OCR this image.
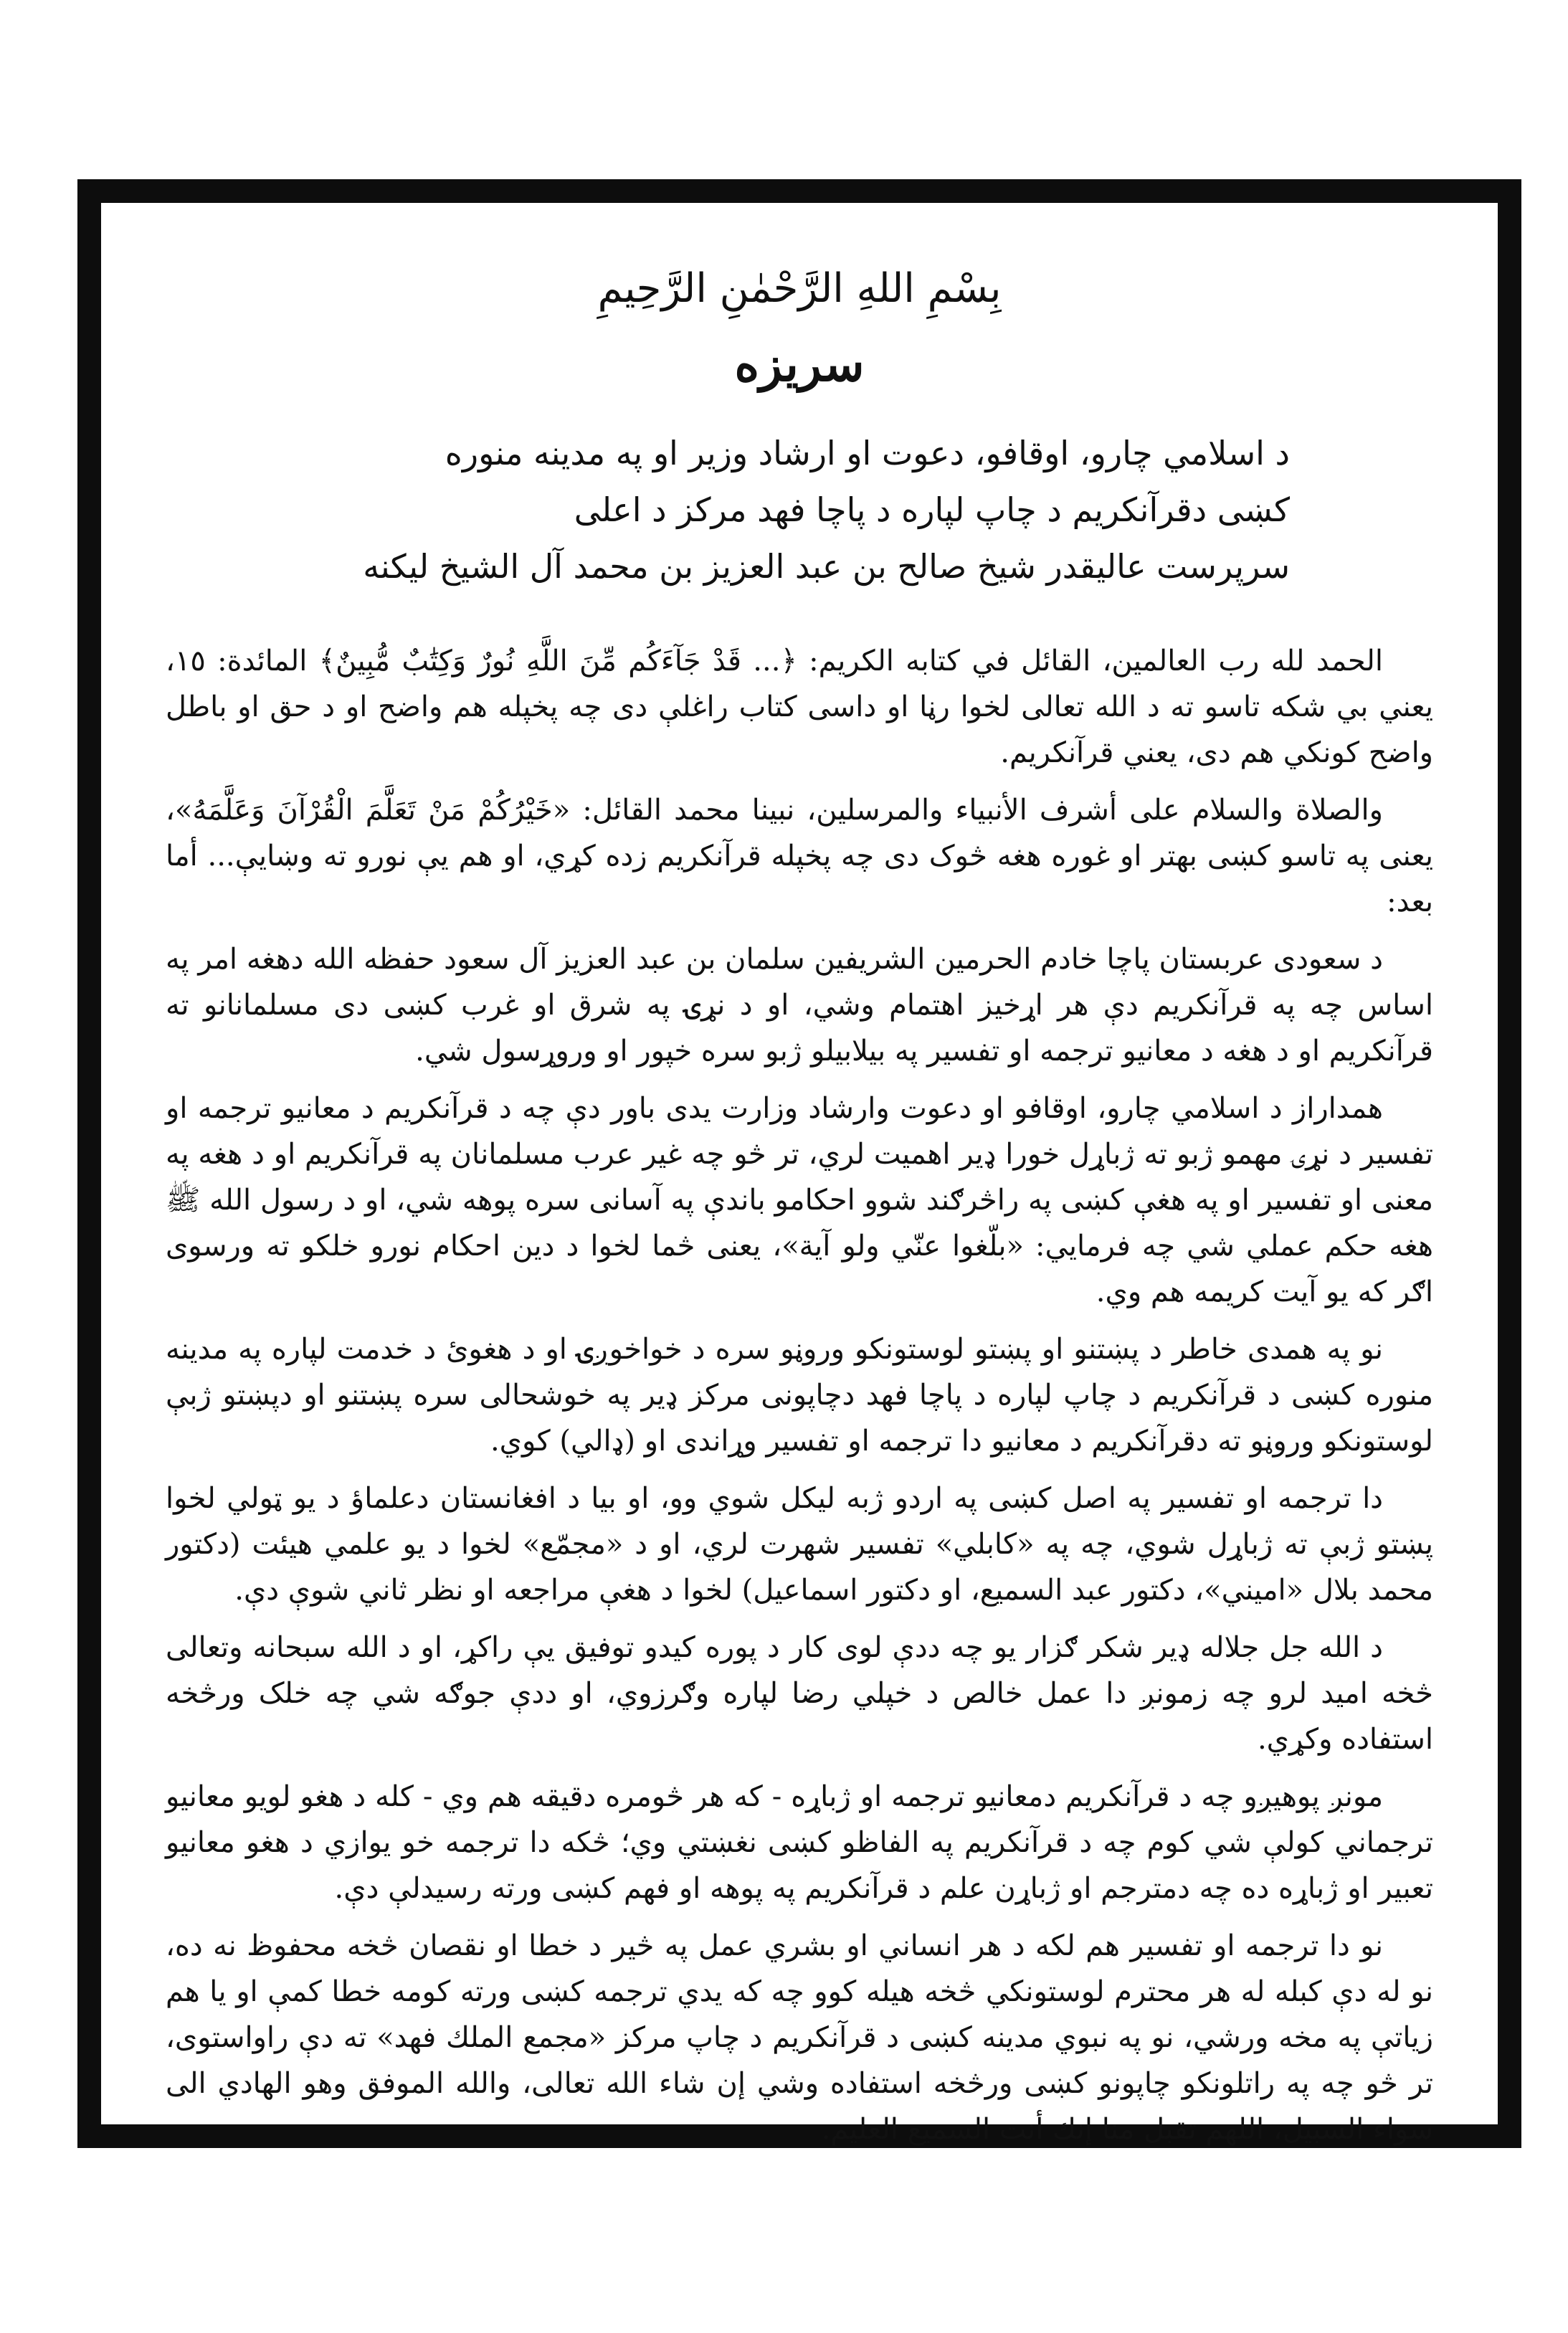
بِسْمِ اللهِ الرَّحْمٰنِ الرَّحِيمِ
سریزه
د اسلامي چارو، اوقافو، دعوت او ارشاد وزیر او په مدینه منوره
کښی دقرآنکریم د چاپ لپاره د پاچا فهد مرکز د اعلی
سرپرست عالیقدر شیخ صالح بن عبد العزیز بن محمد آل الشیخ لیکنه

الحمد لله رب العالمین، القائل في کتابه الکریم: ﴿... قَدْ جَآءَكُم مِّنَ اللَّهِ نُورٌ وَكِتَٰبٌ مُّبِينٌ﴾ المائدة: ١٥، یعني بي شکه تاسو ته د الله تعالی لخوا رڼا او داسی کتاب راغلې دی چه پخپله هم واضح او د حق او باطل واضح کونکي هم دی، یعني قرآنکریم.

والصلاة والسلام علی أشرف الأنبیاء والمرسلین، نبینا محمد القائل: «خَيْرُكُمْ مَنْ تَعَلَّمَ الْقُرْآنَ وَعَلَّمَهُ»، یعنی په تاسو کښی بهتر او غوره هغه څوک دی چه پخپله قرآنکریم زده کړي، او هم یې نورو ته وښایې... أما بعد:

د سعودی عربستان پاچا خادم الحرمین الشریفین سلمان بن عبد العزیز آل سعود حفظه الله دهغه امر په اساس چه په قرآنکریم دې هر اړخیز اهتمام وشي، او د نړۍ په شرق او غرب کښی دی مسلمانانو ته قرآنکریم او د هغه د معانیو ترجمه او تفسیر په بیلابیلو ژبو سره خپور او وروړسول شي.

همداراز د اسلامي چارو، اوقافو او دعوت وارشاد وزارت یدی باور دې چه د قرآنکریم د معانیو ترجمه او تفسیر د نړۍ مهمو ژبو ته ژباړل خورا ډیر اهمیت لري، تر څو چه غیر عرب مسلمانان په قرآنکریم او د هغه په معنی او تفسیر او په هغې کښی په راڅرګند شوو احکامو باندې په آسانی سره پوهه شي، او د رسول الله ﷺ هغه حکم عملي شي چه فرمایي: «بلّغوا عنّي ولو آیة»، یعنی څما لخوا د دین احکام نورو خلکو ته ورسوی اګر که یو آیت کریمه هم وي.

نو په همدی خاطر د پښتنو او پښتو لوستونکو وروڼو سره د خواخوږۍ او د هغوئ د خدمت لپاره په مدینه منوره کښی د قرآنکریم د چاپ لپاره د پاچا فهد دچاپونی مرکز ډیر په خوشحالی سره پښتنو او دپښتو ژبې لوستونکو وروڼو ته دقرآنکریم د معانیو دا ترجمه او تفسیر وړاندی او (ډالي) کوي.

دا ترجمه او تفسیر په اصل کښی په اردو ژبه لیکل شوي وو، او بیا د افغانستان دعلماؤ د یو ټولي لخوا پښتو ژبې ته ژباړل شوي، چه په «کابلي» تفسیر شهرت لري، او د «مجمّع» لخوا د یو علمي هیئت (دکتور محمد بلال «امیني»، دکتور عبد السمیع، او دکتور اسماعیل) لخوا د هغې مراجعه او نظر ثاني شوې دې.

د الله جل جلاله ډیر شکر ګزار یو چه ددې لوی کار د پوره کیدو توفیق یې راکړ، او د الله سبحانه وتعالی څخه امید لرو چه زمونږ دا عمل خالص د خپلي رضا لپاره وګرزوي، او ددې جوګه شي چه خلک ورڅخه استفاده وکړي.

مونږ پوهیږو چه د قرآنکریم دمعانیو ترجمه او ژباړه - که هر څومره دقیقه هم وي - کله د هغو لویو معانیو ترجماني کولې شي کوم چه د قرآنکریم په الفاظو کښی نغښتي وي؛ څکه دا ترجمه خو یوازي د هغو معانیو تعبیر او ژباړه ده چه دمترجم او ژباړن علم د قرآنکریم په پوهه او فهم کښی ورته رسیدلې دې.

نو دا ترجمه او تفسیر هم لکه د هر انساني او بشري عمل په څیر د خطا او نقصان څخه محفوظ نه ده، نو له دې کبله له هر محترم لوستونکي څخه هیله کوو چه که یدي ترجمه کښی ورته کومه خطا کمې او یا هم زیاتې په مخه ورشي، نو په نبوي مدینه کښی د قرآنکریم د چاپ مرکز «مجمع الملك فهد» ته دې راواستوی، تر څو چه په راتلونکو چاپونو کښی ورڅخه استفاده وشي إن شاء الله تعالی، والله الموفق وهو الهادي الی سواء السبیل، اللهم تقبل منا إنك أنت السمیع العلیم.
